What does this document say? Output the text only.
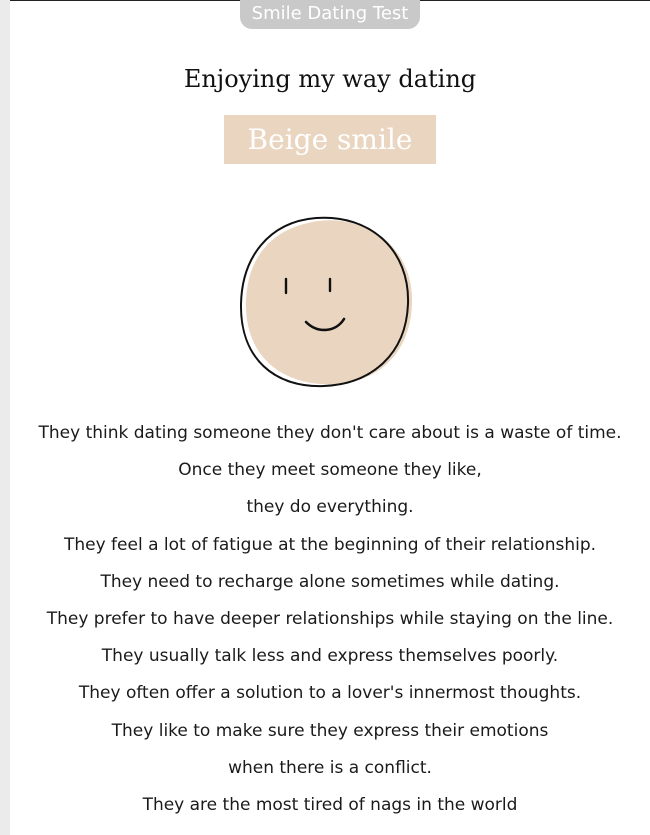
Smile Dating Test
Enjoying my way dating
Beige smile
They think dating someone they don't care about is a waste of time.
Once they meet someone they like,
they do everything.
They feel a lot of fatigue at the beginning of their relationship.
They need to recharge alone sometimes while dating.
They prefer to have deeper relationships while staying on the line.
They usually talk less and express themselves poorly.
They often offer a solution to a lover's innermost thoughts.
They like to make sure they express their emotions
when there is a conflict.
They are the most tired of nags in the world
